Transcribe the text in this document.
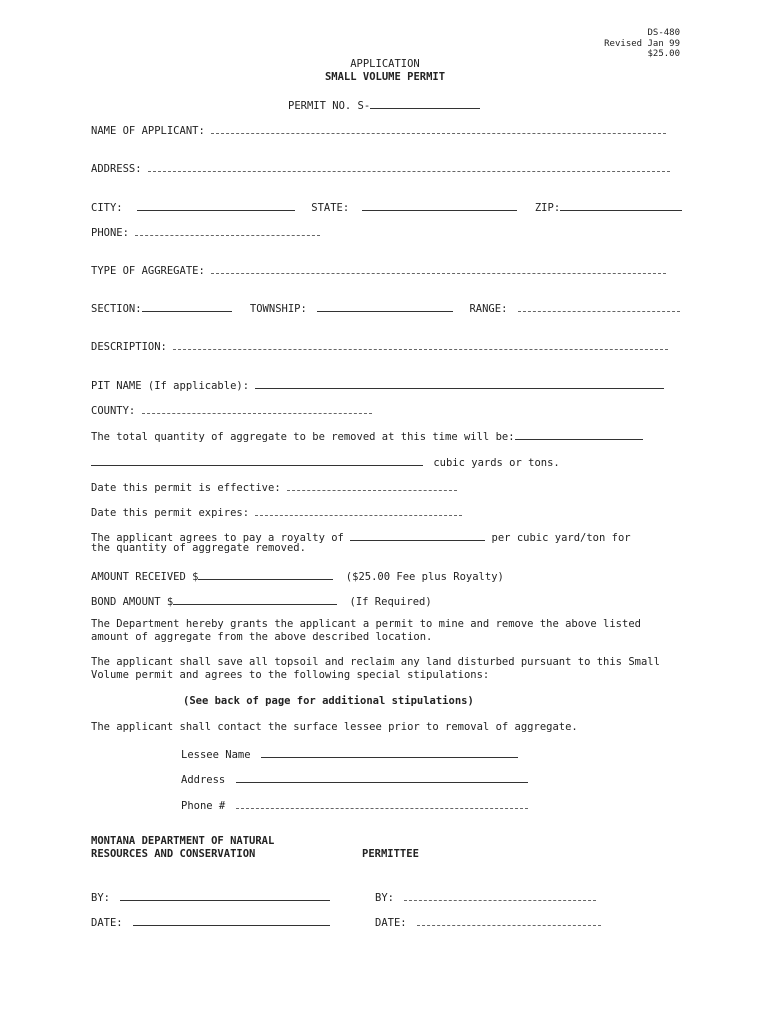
DS-480
Revised Jan 99
$25.00
APPLICATION
SMALL VOLUME PERMIT
PERMIT NO. S-
NAME OF APPLICANT:
ADDRESS:
CITY:	STATE:	ZIP:
PHONE:
TYPE OF AGGREGATE:
SECTION:	TOWNSHIP:	RANGE:
DESCRIPTION:
PIT NAME (If applicable):
COUNTY:
The total quantity of aggregate to be removed at this time will be:
cubic yards or tons.
Date this permit is effective:
Date this permit expires:
The applicant agrees to pay a royalty of	per cubic yard/ton for
the quantity of aggregate removed.
AMOUNT RECEIVED $	($25.00 Fee plus Royalty)
BOND AMOUNT $	(If Required)
The Department hereby grants the applicant a permit to mine and remove the above listed amount of aggregate from the above described location.
The applicant shall save all topsoil and reclaim any land disturbed pursuant to this Small Volume permit and agrees to the following special stipulations:
(See back of page for additional stipulations)
The applicant shall contact the surface lessee prior to removal of aggregate.
Lessee Name
Address
Phone #
MONTANA DEPARTMENT OF NATURAL
RESOURCES AND CONSERVATION	PERMITTEE
BY:	BY:
DATE:	DATE:
